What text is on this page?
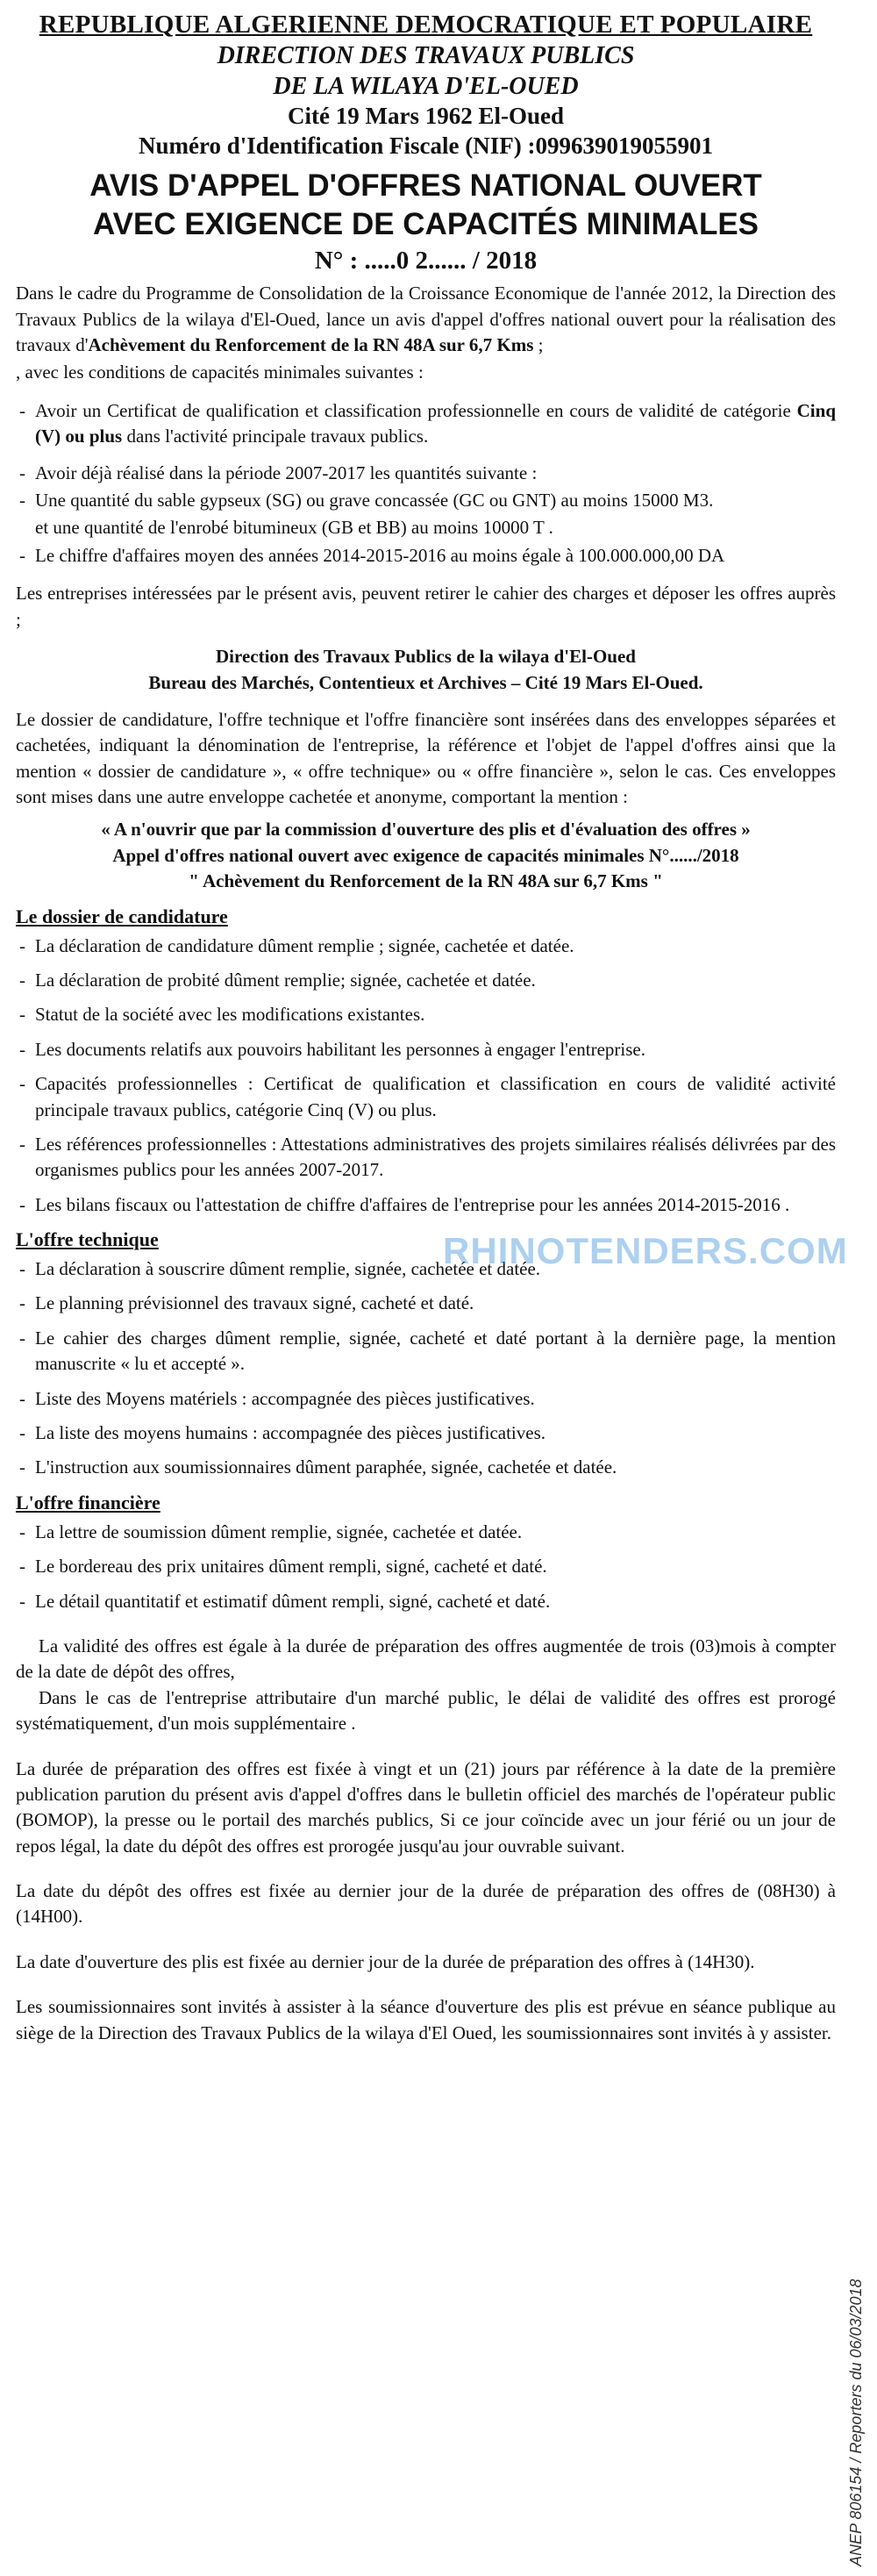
REPUBLIQUE ALGERIENNE DEMOCRATIQUE ET POPULAIRE
DIRECTION DES TRAVAUX PUBLICS
DE LA WILAYA D'EL-OUED
Cité 19 Mars 1962 El-Oued
Numéro d'Identification Fiscale (NIF) :099639019055901
AVIS D'APPEL D'OFFRES NATIONAL OUVERT
AVEC EXIGENCE DE CAPACITÉS MINIMALES
N° : .....0 2...... / 2018

Dans le cadre du Programme de Consolidation de la Croissance Economique de l'année 2012, la Direction des Travaux Publics de la wilaya d'El-Oued, lance un avis d'appel d'offres national ouvert pour la réalisation des travaux d'Achèvement du Renforcement de la RN 48A sur 6,7 Kms ;

, avec les conditions de capacités minimales suivantes :

- Avoir un Certificat de qualification et classification professionnelle en cours de validité de catégorie Cinq (V) ou plus dans l'activité principale travaux publics.
- Avoir déjà réalisé dans la période 2007-2017 les quantités suivante :
- Une quantité du sable gypseux (SG) ou grave concassée (GC ou GNT) au moins 15000 M3.

et une quantité de l'enrobé bitumineux (GB et BB) au moins 10000 T .

- Le chiffre d'affaires moyen des années 2014-2015-2016 au moins égale à 100.000.000,00 DA

Les entreprises intéressées par le présent avis, peuvent retirer le cahier des charges et déposer les offres auprès ;

Direction des Travaux Publics de la wilaya d'El-Oued
Bureau des Marchés, Contentieux et Archives – Cité 19 Mars El-Oued.

Le dossier de candidature, l'offre technique et l'offre financière sont insérées dans des enveloppes séparées et cachetées, indiquant la dénomination de l'entreprise, la référence et l'objet de l'appel d'offres ainsi que la mention « dossier de candidature », « offre technique» ou « offre financière », selon le cas. Ces enveloppes sont mises dans une autre enveloppe cachetée et anonyme, comportant la mention :

« A n'ouvrir que par la commission d'ouverture des plis et d'évaluation des offres »
Appel d'offres national ouvert avec exigence de capacités minimales N°....../2018
" Achèvement du Renforcement de la RN 48A sur 6,7 Kms "
Le dossier de candidature
- La déclaration de candidature dûment remplie ; signée, cachetée et datée.
- La déclaration de probité dûment remplie; signée, cachetée et datée.
- Statut de la société avec les modifications existantes.
- Les documents relatifs aux pouvoirs habilitant les personnes à engager l'entreprise.
- Capacités professionnelles : Certificat de qualification et classification en cours de validité activité principale travaux publics, catégorie Cinq (V) ou plus.
- Les références professionnelles : Attestations administratives des projets similaires réalisés délivrées par des organismes publics pour les années 2007-2017.
- Les bilans fiscaux ou l'attestation de chiffre d'affaires de l'entreprise pour les années 2014-2015-2016 .
L'offre technique
- La déclaration à souscrire dûment remplie, signée, cachetée et datée.
- Le planning prévisionnel des travaux signé, cacheté et daté.
- Le cahier des charges dûment remplie, signée, cacheté et daté portant à la dernière page, la mention manuscrite « lu et accepté ».
- Liste des Moyens matériels : accompagnée des pièces justificatives.
- La liste des moyens humains : accompagnée des pièces justificatives.
- L'instruction aux soumissionnaires dûment paraphée, signée, cachetée et datée.
L'offre financière
- La lettre de soumission dûment remplie, signée, cachetée et datée.
- Le bordereau des prix unitaires dûment rempli, signé, cacheté et daté.
- Le détail quantitatif et estimatif dûment rempli, signé, cacheté et daté.

La validité des offres est égale à la durée de préparation des offres augmentée de trois (03)mois à compter de la date de dépôt des offres,

Dans le cas de l'entreprise attributaire d'un marché public, le délai de validité des offres est prorogé systématiquement, d'un mois supplémentaire .

La durée de préparation des offres est fixée à vingt et un (21) jours par référence à la date de la première publication parution du présent avis d'appel d'offres dans le bulletin officiel des marchés de l'opérateur public (BOMOP), la presse ou le portail des marchés publics, Si ce jour coïncide avec un jour férié ou un jour de repos légal, la date du dépôt des offres est prorogée jusqu'au jour ouvrable suivant.

La date du dépôt des offres est fixée au dernier jour de la durée de préparation des offres de (08H30) à (14H00).

La date d'ouverture des plis est fixée au dernier jour de la durée de préparation des offres à (14H30).

Les soumissionnaires sont invités à assister à la séance d'ouverture des plis est prévue en séance publique au siège de la Direction des Travaux Publics de la wilaya d'El Oued, les soumissionnaires sont invités à y assister.

RHINOTENDERS.COM
ANEP 806154 / Reporters du 06/03/2018
